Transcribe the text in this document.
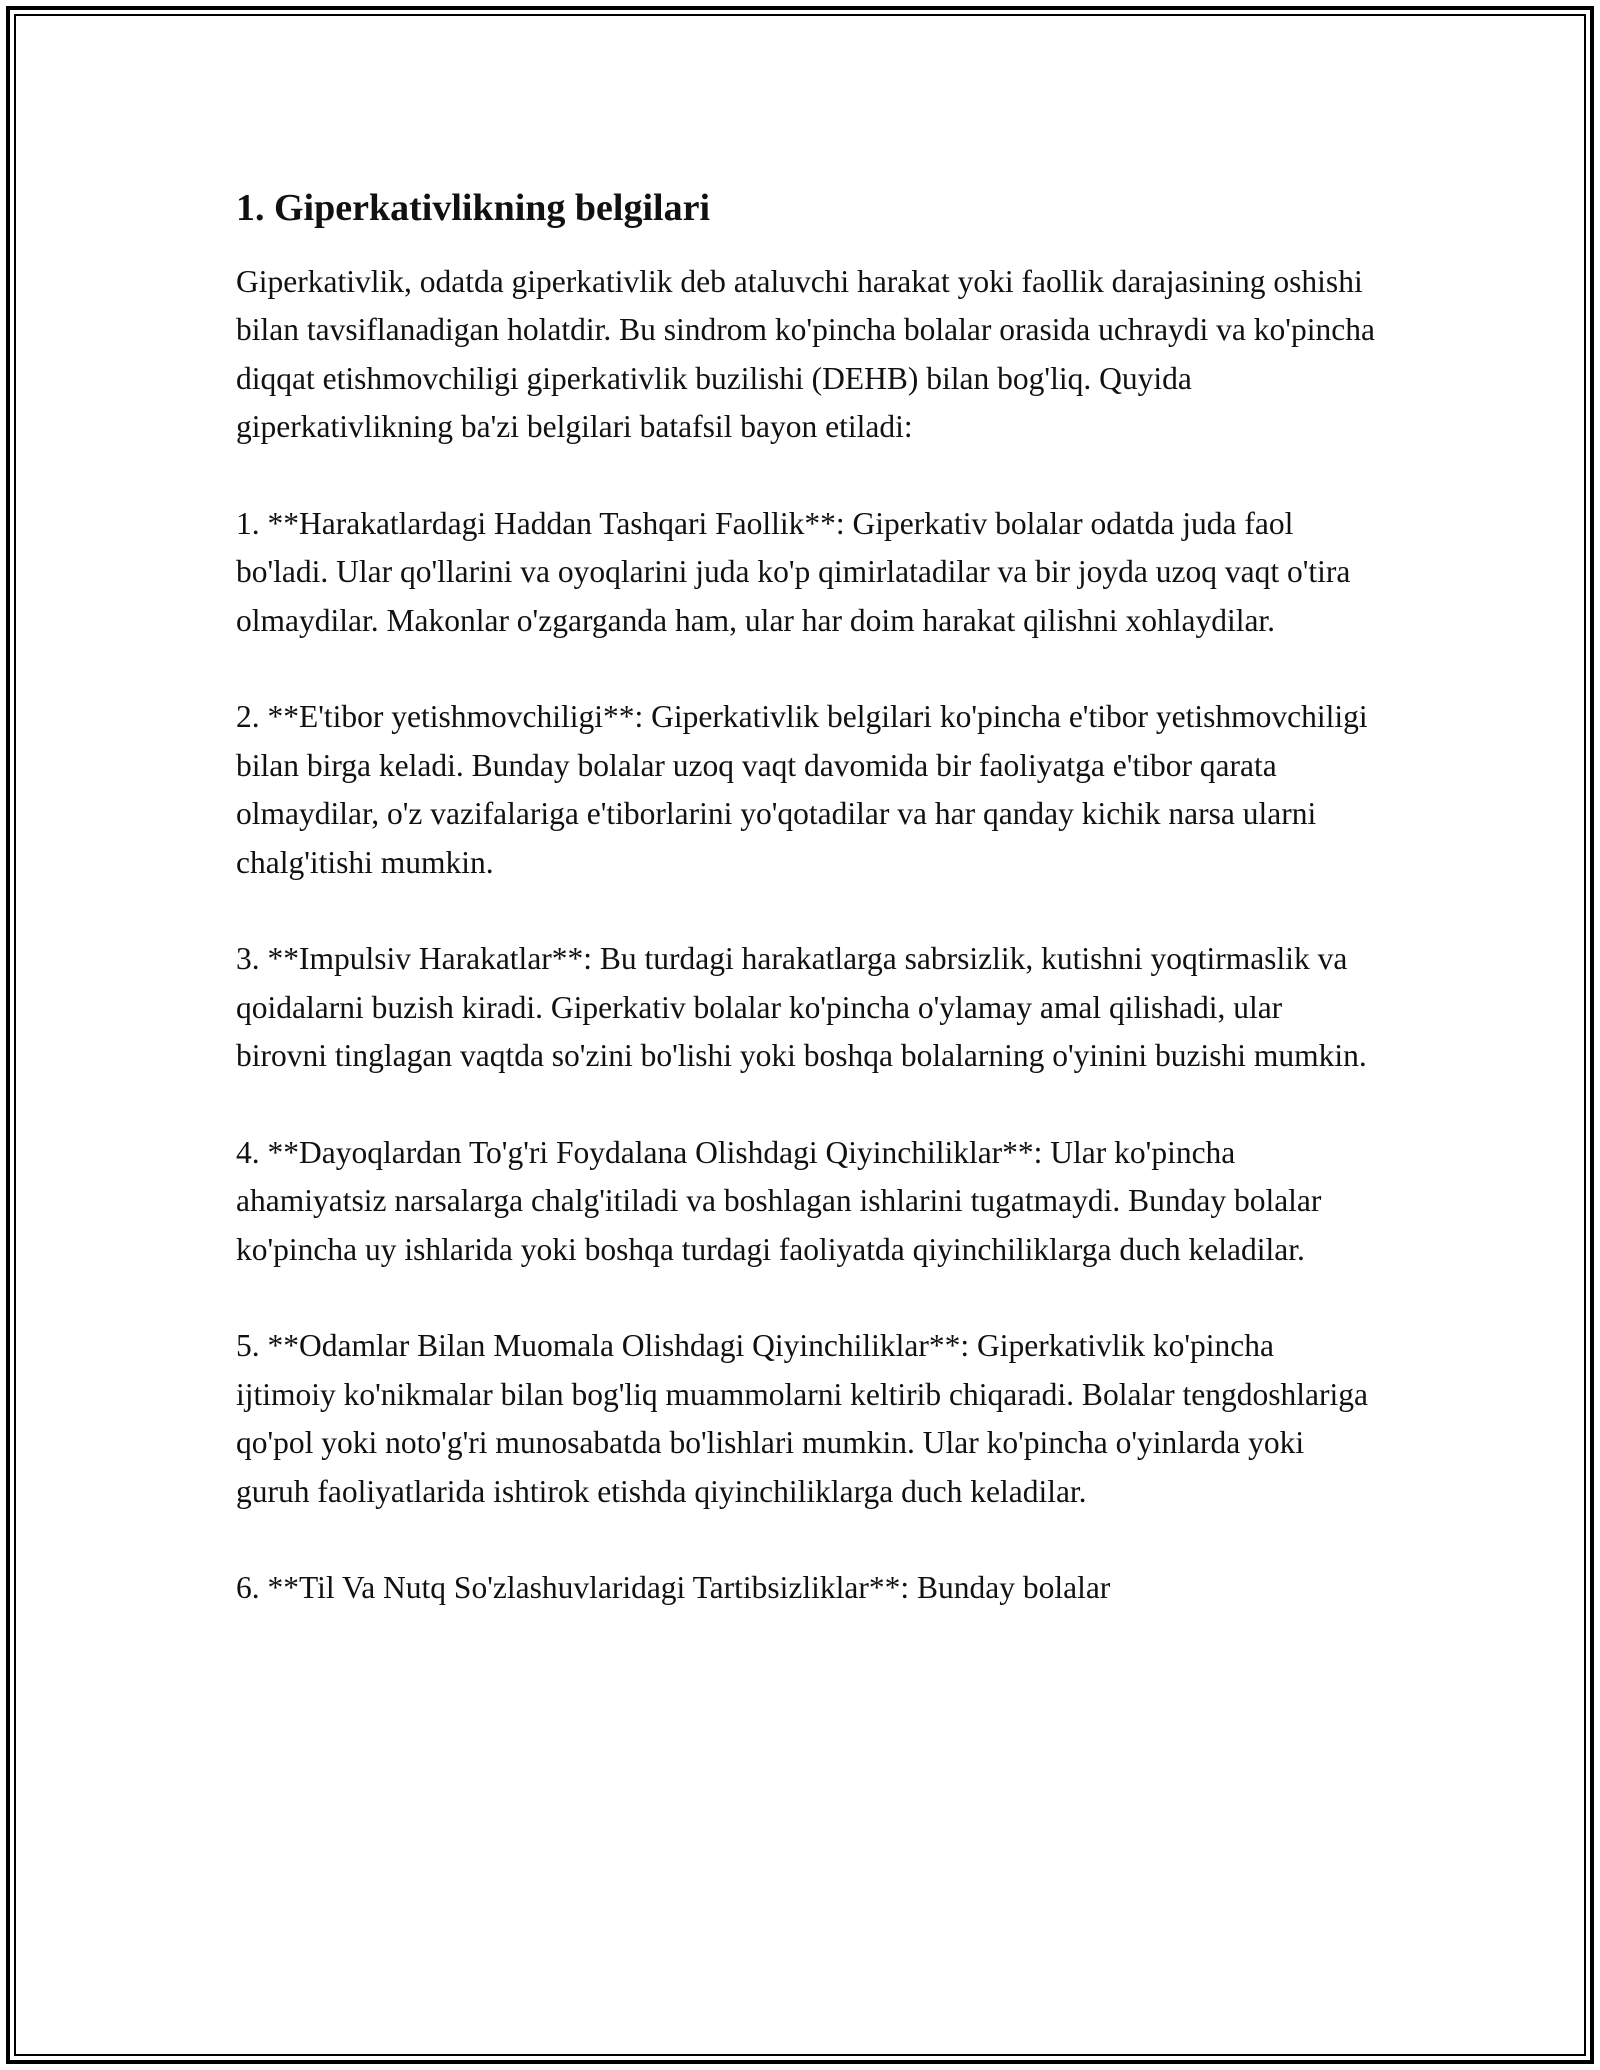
1. Giperkativlikning belgilari

Giperkativlik, odatda giperkativlik deb ataluvchi harakat yoki faollik darajasining oshishi bilan tavsiflanadigan holatdir. Bu sindrom ko'pincha bolalar orasida uchraydi va ko'pincha diqqat etishmovchiligi giperkativlik buzilishi (DEHB) bilan bog'liq. Quyida giperkativlikning ba'zi belgilari batafsil bayon etiladi:

1. **Harakatlardagi Haddan Tashqari Faollik**: Giperkativ bolalar odatda juda faol bo'ladi. Ular qo'llarini va oyoqlarini juda ko'p qimirlatadilar va bir joyda uzoq vaqt o'tira olmaydilar. Makonlar o'zgarganda ham, ular har doim harakat qilishni xohlaydilar.

2. **E'tibor yetishmovchiligi**: Giperkativlik belgilari ko'pincha e'tibor yetishmovchiligi bilan birga keladi. Bunday bolalar uzoq vaqt davomida bir faoliyatga e'tibor qarata olmaydilar, o'z vazifalariga e'tiborlarini yo'qotadilar va har qanday kichik narsa ularni chalg'itishi mumkin.

3. **Impulsiv Harakatlar**: Bu turdagi harakatlarga sabrsizlik, kutishni yoqtirmaslik va qoidalarni buzish kiradi. Giperkativ bolalar ko'pincha o'ylamay amal qilishadi, ular birovni tinglagan vaqtda so'zini bo'lishi yoki boshqa bolalarning o'yinini buzishi mumkin.

4. **Dayoqlardan To'g'ri Foydalana Olishdagi Qiyinchiliklar**: Ular ko'pincha ahamiyatsiz narsalarga chalg'itiladi va boshlagan ishlarini tugatmaydi. Bunday bolalar ko'pincha uy ishlarida yoki boshqa turdagi faoliyatda qiyinchiliklarga duch keladilar.

5. **Odamlar Bilan Muomala Olishdagi Qiyinchiliklar**: Giperkativlik ko'pincha ijtimoiy ko'nikmalar bilan bog'liq muammolarni keltirib chiqaradi. Bolalar tengdoshlariga qo'pol yoki noto'g'ri munosabatda bo'lishlari mumkin. Ular ko'pincha o'yinlarda yoki guruh faoliyatlarida ishtirok etishda qiyinchiliklarga duch keladilar.

6. **Til Va Nutq So'zlashuvlaridagi Tartibsizliklar**: Bunday bolalar
